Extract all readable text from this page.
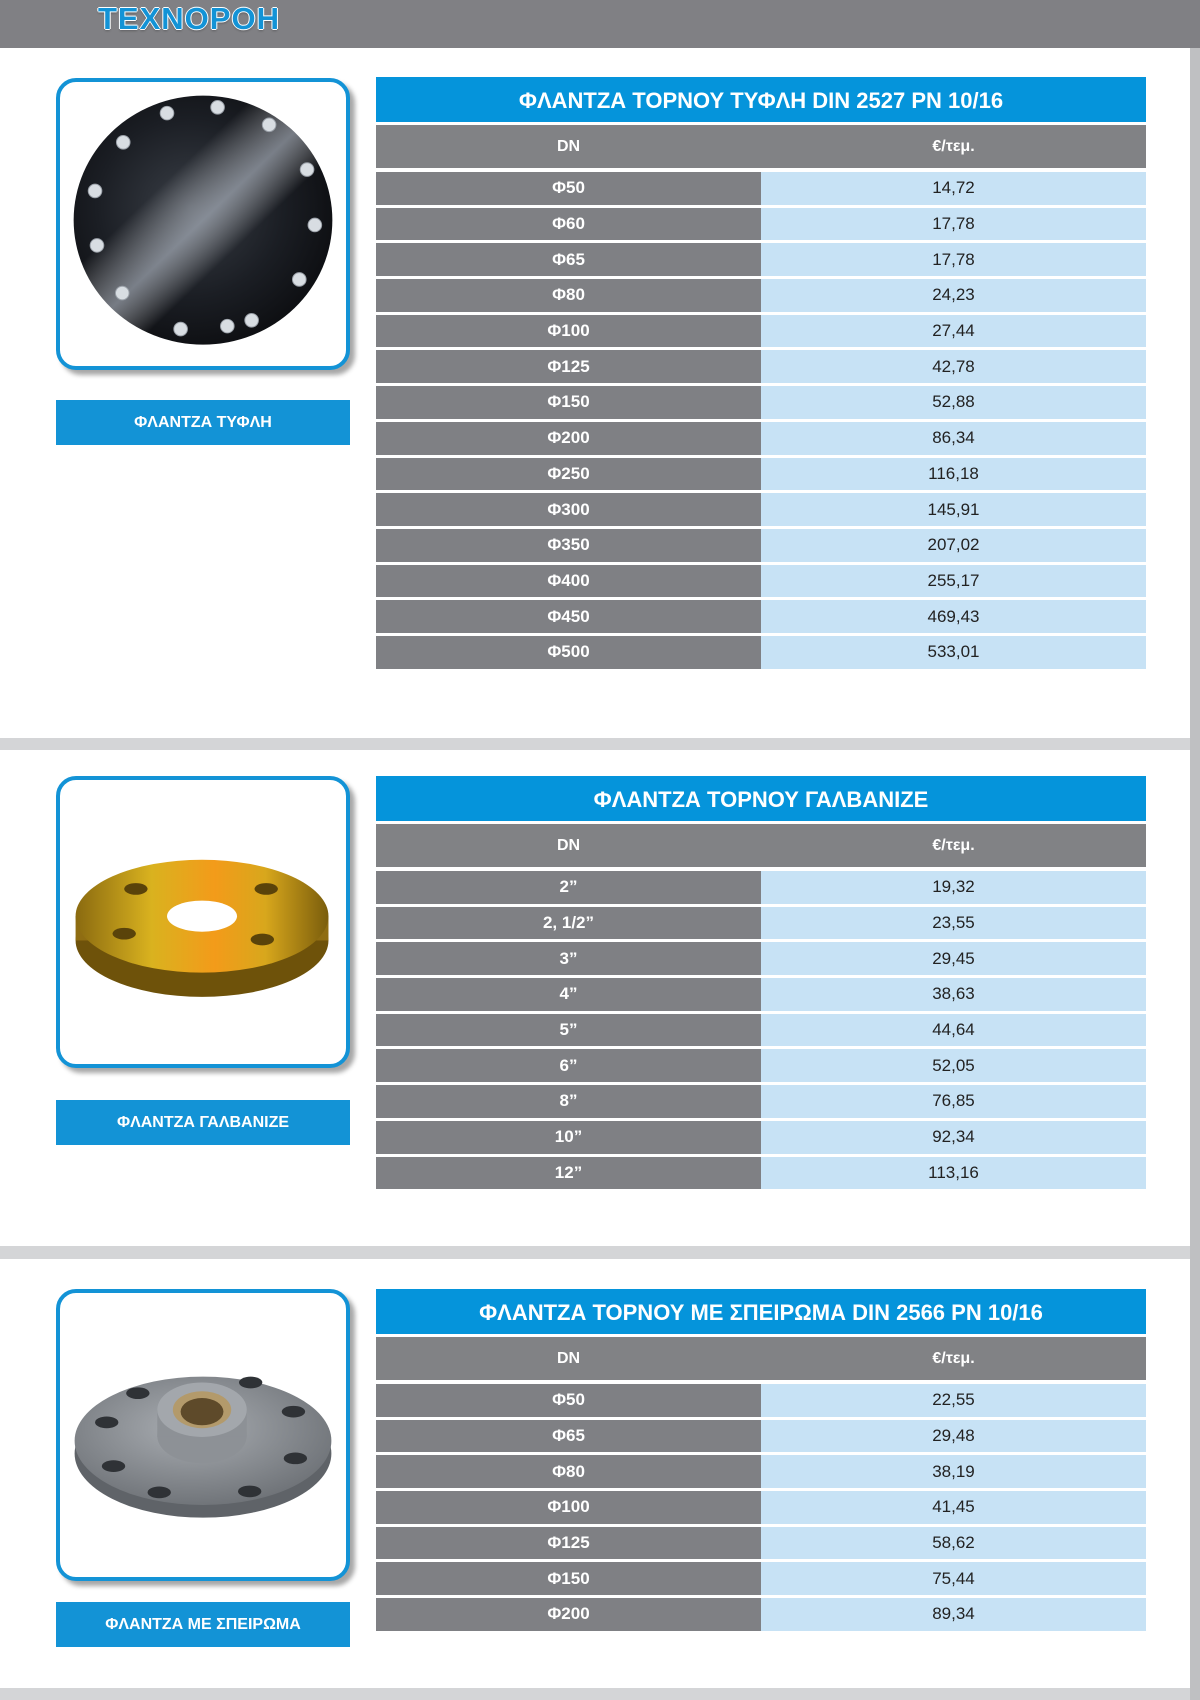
ΤΕΧΝΟΡΟΗ
ΦΛΑΝΤΖΑ ΤΥΦΛΗ
ΦΛΑΝΤΖΑ ΤΟΡΝΟΥ ΤΥΦΛΗ DIN 2527 PN 10/16
DN	€/τεμ.
Φ50	14,72
Φ60	17,78
Φ65	17,78
Φ80	24,23
Φ100	27,44
Φ125	42,78
Φ150	52,88
Φ200	86,34
Φ250	116,18
Φ300	145,91
Φ350	207,02
Φ400	255,17
Φ450	469,43
Φ500	533,01
ΦΛΑΝΤΖΑ ΓΑΛΒΑΝΙΖΕ
ΦΛΑΝΤΖΑ ΤΟΡΝΟΥ ΓΑΛΒΑΝΙΖΕ
DN	€/τεμ.
2”	19,32
2, 1/2”	23,55
3”	29,45
4”	38,63
5”	44,64
6”	52,05
8”	76,85
10”	92,34
12”	113,16
ΦΛΑΝΤΖΑ ΜΕ ΣΠΕΙΡΩΜΑ
ΦΛΑΝΤΖΑ ΤΟΡΝΟΥ ΜΕ ΣΠΕΙΡΩΜΑ DIN 2566 PN 10/16
DN	€/τεμ.
Φ50	22,55
Φ65	29,48
Φ80	38,19
Φ100	41,45
Φ125	58,62
Φ150	75,44
Φ200	89,34
